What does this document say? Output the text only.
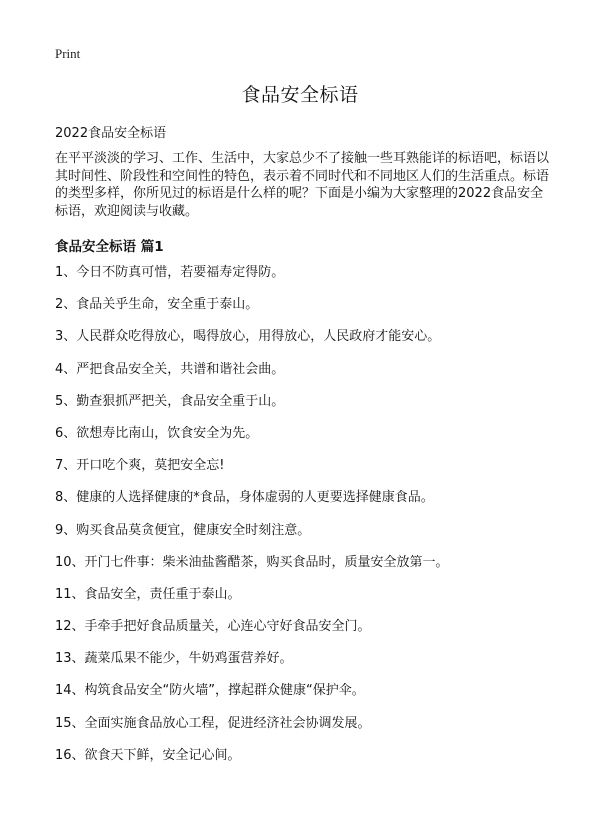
Print
食品安全标语
2022食品安全标语

在平平淡淡的学习、工作、生活中，大家总少不了接触一些耳熟能详的标语吧，标语以其时间性、阶段性和空间性的特色，表示着不同时代和不同地区人们的生活重点。标语的类型多样，你所见过的标语是什么样的呢？下面是小编为大家整理的2022食品安全标语，欢迎阅读与收藏。

食品安全标语 篇1
1、今日不防真可惜，若要福寿定得防。
2、食品关乎生命，安全重于泰山。
3、人民群众吃得放心，喝得放心，用得放心，人民政府才能安心。
4、严把食品安全关，共谱和谐社会曲。
5、勤查狠抓严把关，食品安全重于山。
6、欲想寿比南山，饮食安全为先。
7、开口吃个爽，莫把安全忘!
8、健康的人选择健康的*食品，身体虚弱的人更要选择健康食品。
9、购买食品莫贪便宜，健康安全时刻注意。
10、开门七件事：柴米油盐酱醋茶，购买食品时，质量安全放第一。
11、食品安全，责任重于泰山。
12、手牵手把好食品质量关，心连心守好食品安全门。
13、蔬菜瓜果不能少，牛奶鸡蛋营养好。
14、构筑食品安全“防火墙”，撑起群众健康“保护伞。
15、全面实施食品放心工程，促进经济社会协调发展。
16、欲食天下鲜，安全记心间。
